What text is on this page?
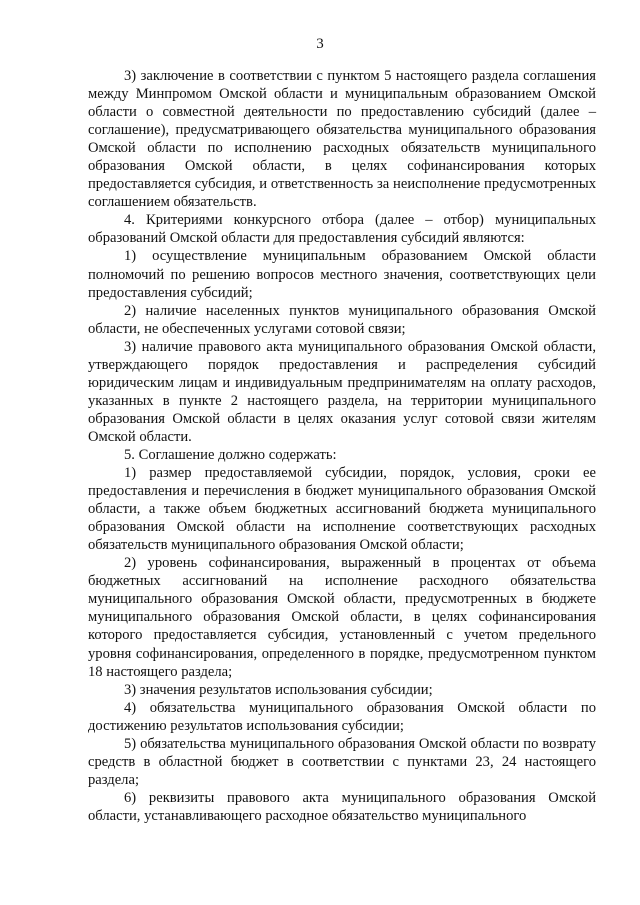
3

3) заключение в соответствии с пунктом 5 настоящего раздела соглашения между Минпромом Омской области и муниципальным образованием Омской области о совместной деятельности по предоставлению субсидий (далее – соглашение), предусматривающего обязательства муниципального образования Омской области по исполнению расходных обязательств муниципального образования Омской области, в целях софинансирования которых предоставляется субсидия, и ответственность за неисполнение предусмотренных соглашением обязательств.

4. Критериями конкурсного отбора (далее – отбор) муниципальных образований Омской области для предоставления субсидий являются:

1) осуществление муниципальным образованием Омской области полномочий по решению вопросов местного значения, соответствующих цели предоставления субсидий;

2) наличие населенных пунктов муниципального образования Омской области, не обеспеченных услугами сотовой связи;

3) наличие правового акта муниципального образования Омской области, утверждающего порядок предоставления и распределения субсидий юридическим лицам и индивидуальным предпринимателям на оплату расходов, указанных в пункте 2 настоящего раздела, на территории муниципального образования Омской области в целях оказания услуг сотовой связи жителям Омской области.

5. Соглашение должно содержать:

1) размер предоставляемой субсидии, порядок, условия, сроки ее предоставления и перечисления в бюджет муниципального образования Омской области, а также объем бюджетных ассигнований бюджета муниципального образования Омской области на исполнение соответствующих расходных обязательств муниципального образования Омской области;

2) уровень софинансирования, выраженный в процентах от объема бюджетных ассигнований на исполнение расходного обязательства муниципального образования Омской области, предусмотренных в бюджете муниципального образования Омской области, в целях софинансирования которого предоставляется субсидия, установленный с учетом предельного уровня софинансирования, определенного в порядке, предусмотренном пунктом 18 настоящего раздела;

3) значения результатов использования субсидии;

4) обязательства муниципального образования Омской области по достижению результатов использования субсидии;

5) обязательства муниципального образования Омской области по возврату средств в областной бюджет в соответствии с пунктами 23, 24 настоящего раздела;

6) реквизиты правового акта муниципального образования Омской области, устанавливающего расходное обязательство муниципального
